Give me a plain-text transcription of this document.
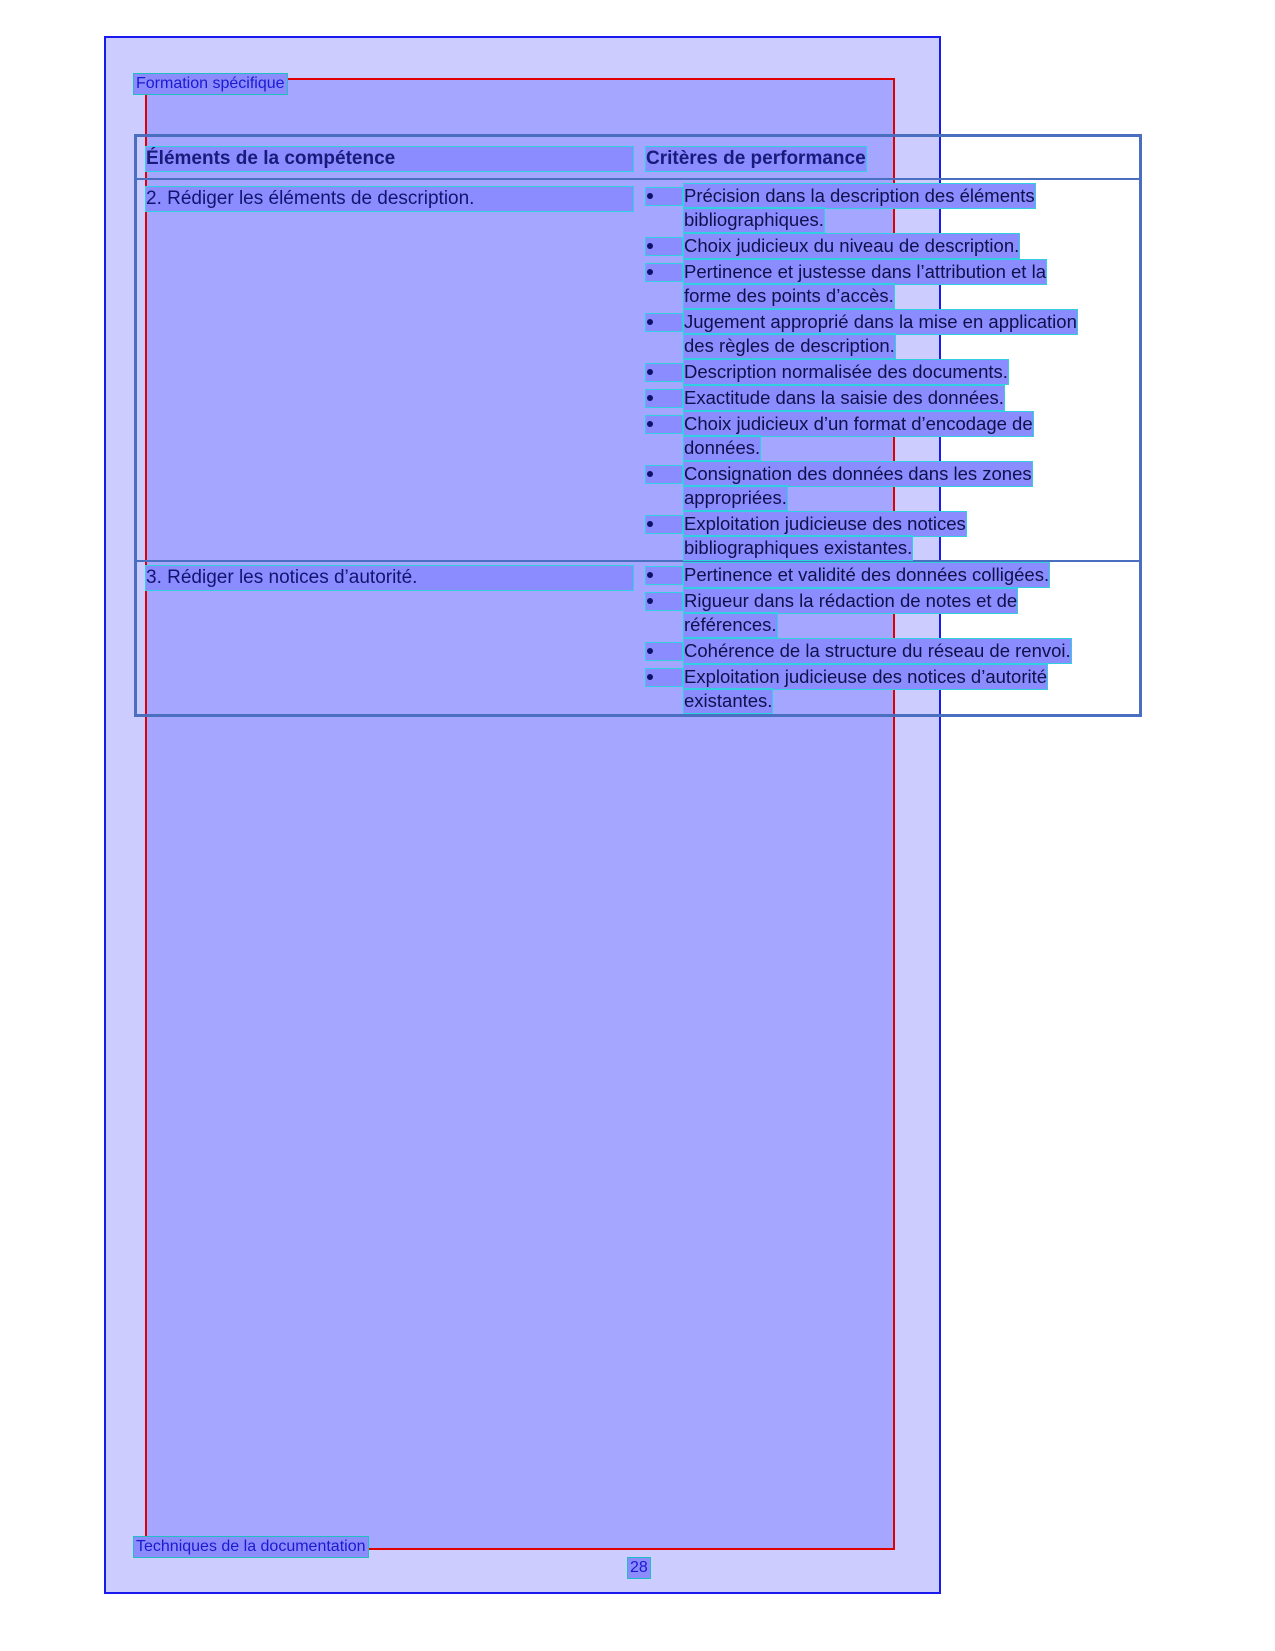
Formation spécifique
Éléments de la compétence	Critères de performance
2. Rédiger les éléments de description.
3. Rédiger les notices d’autorité.
Précision dans la description des éléments
bibliographiques.
Choix judicieux du niveau de description.
Pertinence et justesse dans l’attribution et la
forme des points d’accès.
Jugement approprié dans la mise en application
des règles de description.
Description normalisée des documents.
Exactitude dans la saisie des données.
Choix judicieux d’un format d’encodage de
données.
Consignation des données dans les zones
appropriées.
Exploitation judicieuse des notices
bibliographiques existantes.
Pertinence et validité des données colligées.
Rigueur dans la rédaction de notes et de
références.
Cohérence de la structure du réseau de renvoi.
Exploitation judicieuse des notices d’autorité
existantes.
Techniques de la documentation
28
